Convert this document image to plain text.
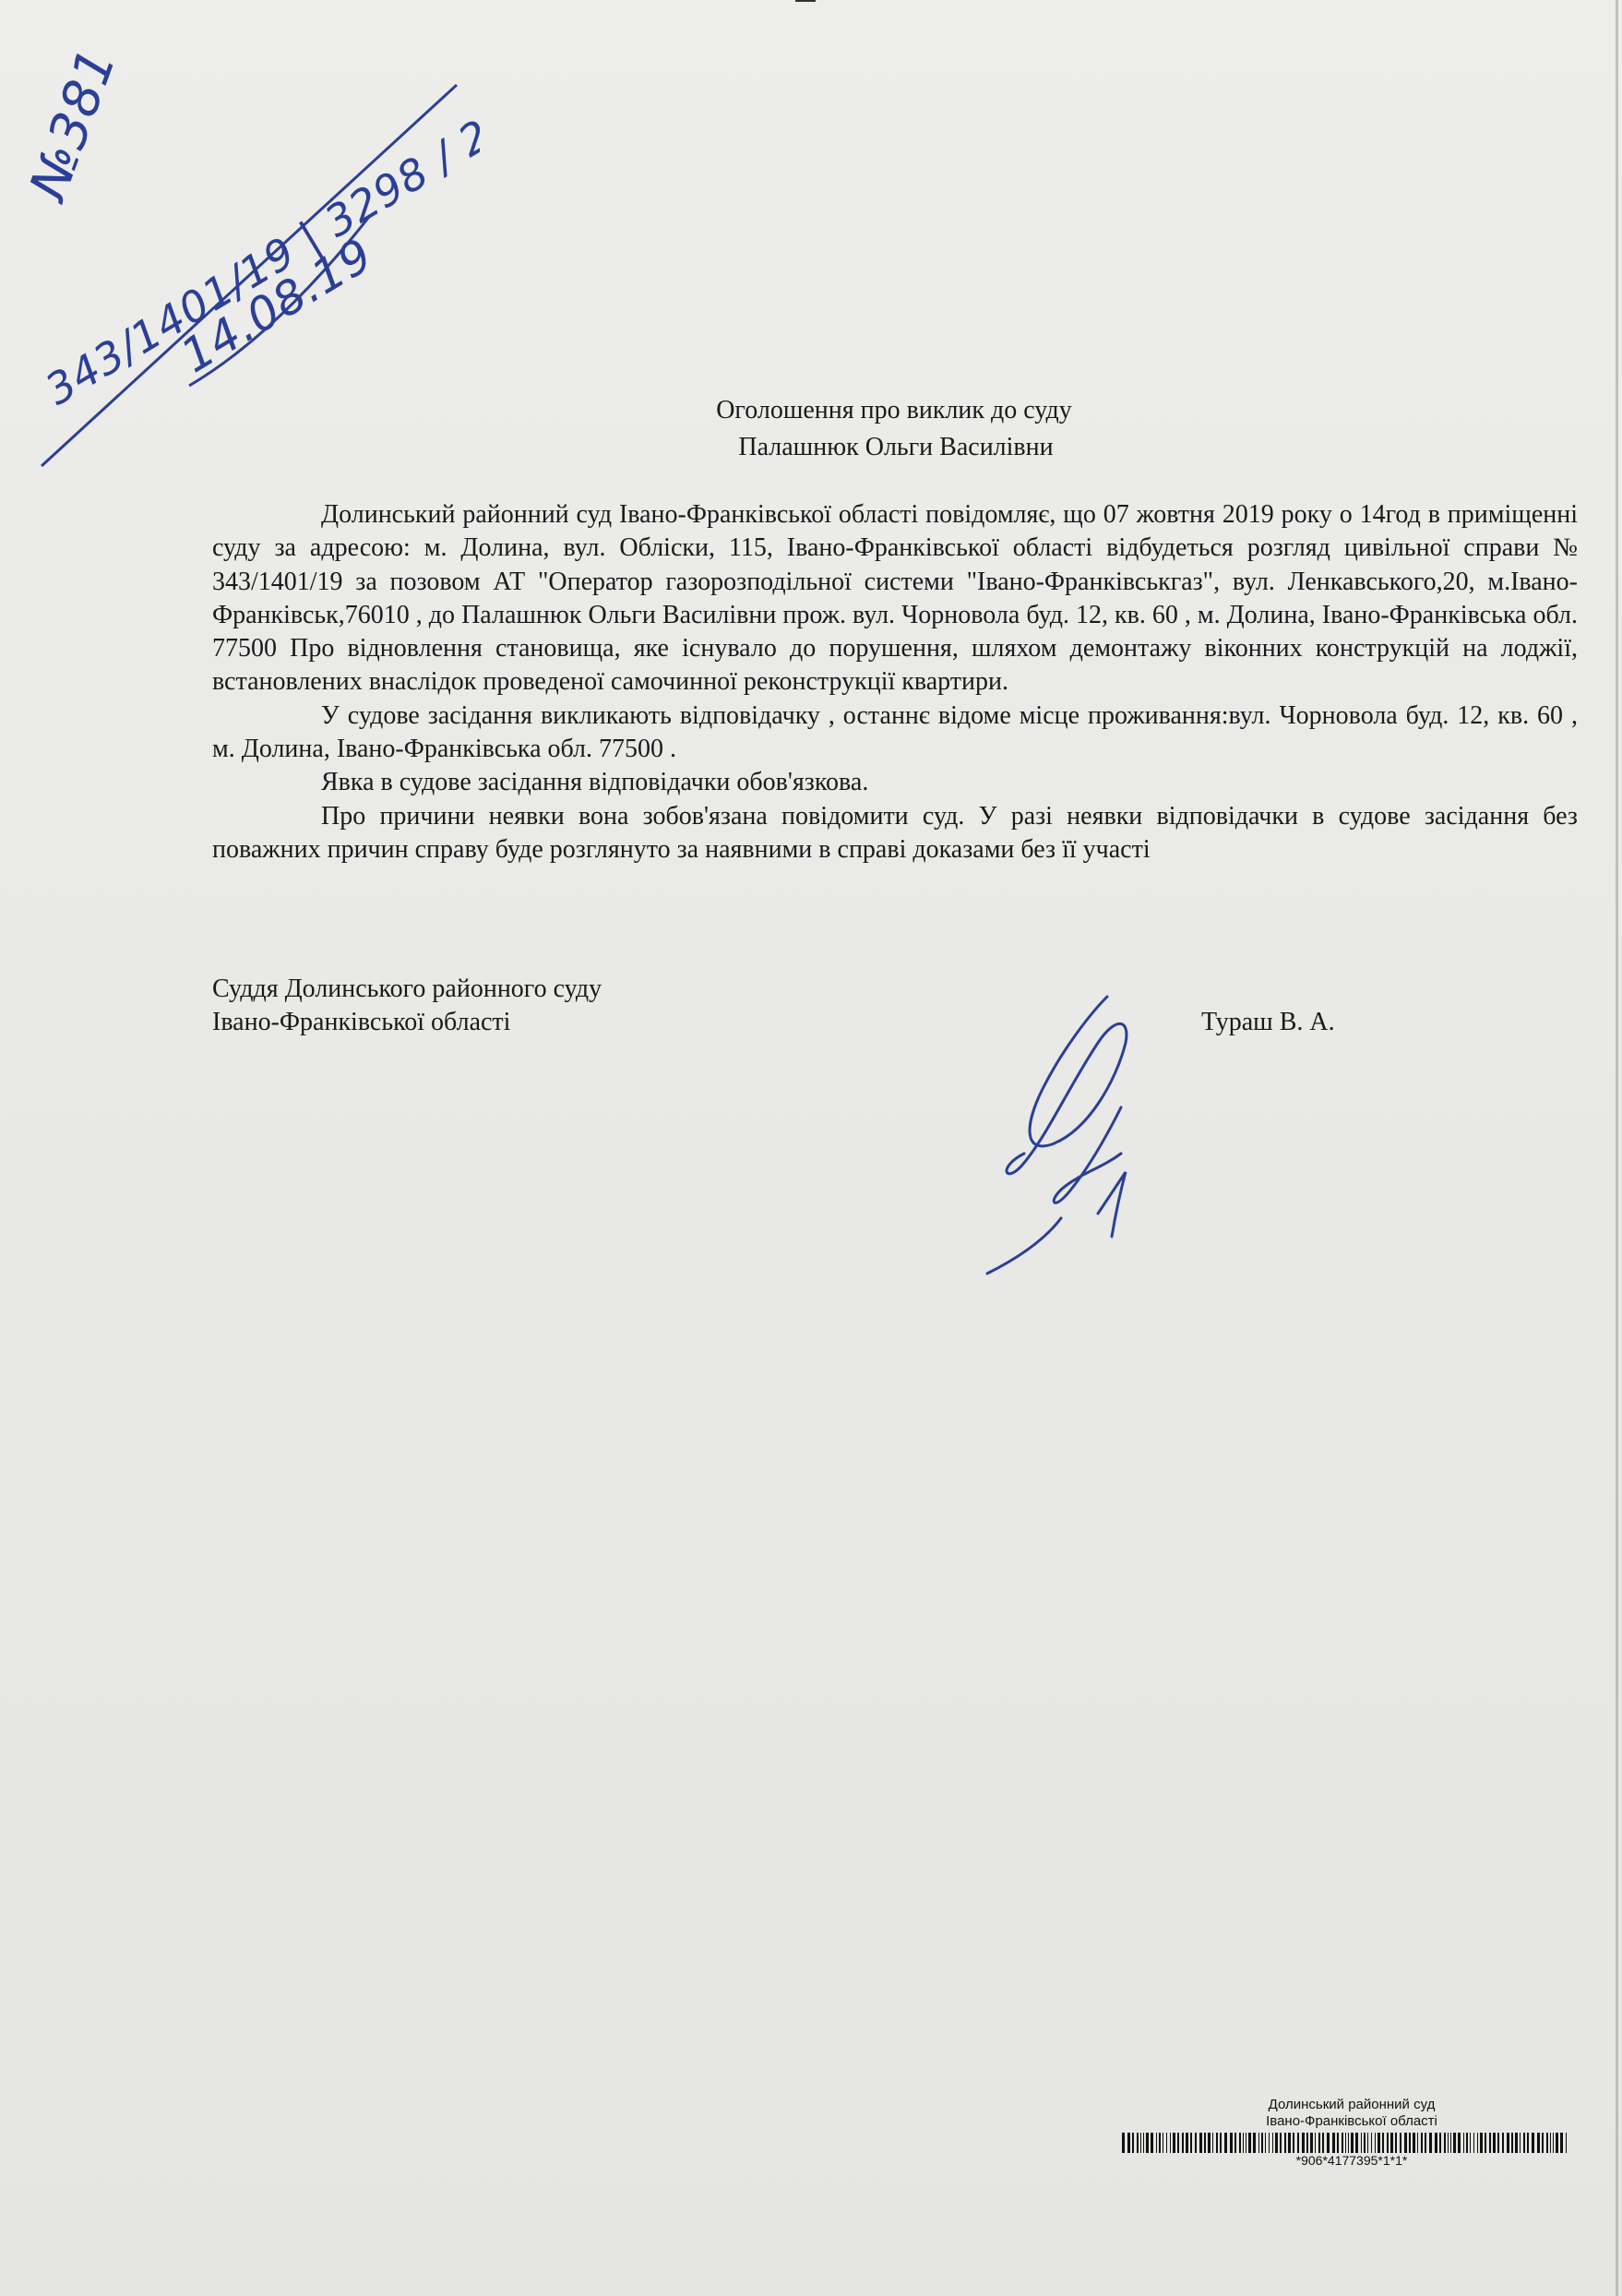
№381
343/1401/19 | 3298 / 2019
14.08.19
Оголошення про виклик до суду
Палашнюк Ольги Василівни

Долинський районний суд Івано-Франківської області повідомляє, що 07 жовтня 2019 року о 14год в приміщенні суду за адресою: м. Долина, вул. Обліски, 115, Івано-Франківської області відбудеться розгляд цивільної справи № 343/1401/19 за позовом АТ "Оператор газорозподільної системи "Івано-Франківськгаз", вул. Ленкавського,20, м.Івано-Франківськ,76010 , до Палашнюк Ольги Василівни прож. вул. Чорновола буд. 12, кв. 60 , м. Долина, Івано-Франківська обл. 77500 Про відновлення становища, яке існувало до порушення, шляхом демонтажу віконних конструкцій на лоджії, встановлених внаслідок проведеної самочинної реконструкції квартири.

У судове засідання викликають відповідачку , останнє відоме місце проживання:вул. Чорновола буд. 12, кв. 60 , м. Долина, Івано-Франківська обл. 77500 .

Явка в судове засідання відповідачки обов'язкова.

Про причини неявки вона зобов'язана повідомити суд. У разі неявки відповідачки в судове засідання без поважних причин справу буде розглянуто за наявними в справі доказами без її участі

Суддя Долинського районного суду
Івано-Франківської області	Тураш В. А.
Долинський районний суд
Івано-Франківської області
*906*4177395*1*1*
